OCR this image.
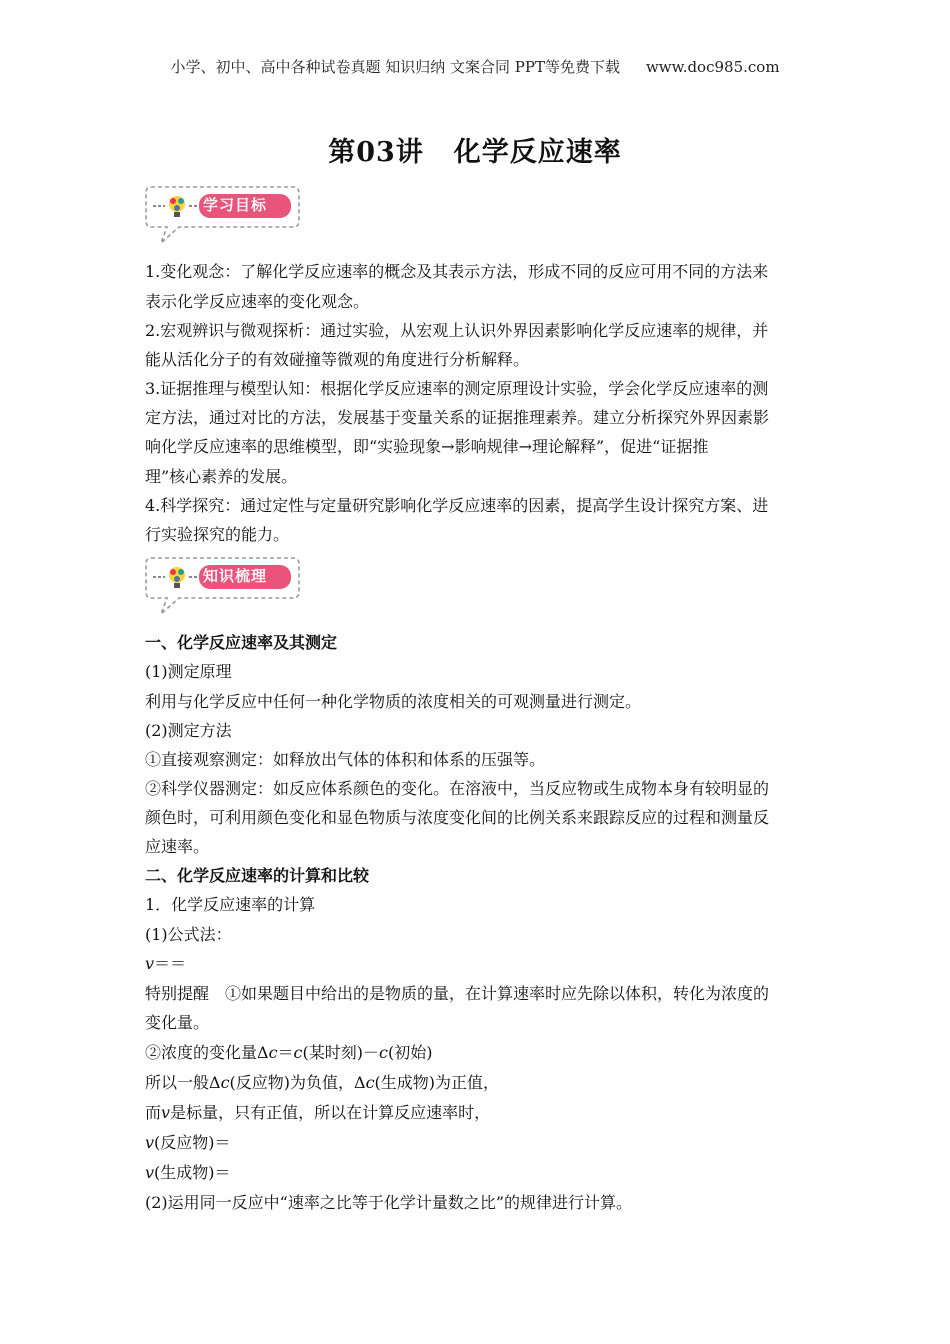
小学、初中、高中各种试卷真题 知识归纳 文案合同 PPT等免费下载 www.doc985.com
第03讲 化学反应速率
学习目标
1.变化观念：了解化学反应速率的概念及其表示方法，形成不同的反应可用不同的方法来
表示化学反应速率的变化观念。
2.宏观辨识与微观探析：通过实验，从宏观上认识外界因素影响化学反应速率的规律，并
能从活化分子的有效碰撞等微观的角度进行分析解释。
3.证据推理与模型认知：根据化学反应速率的测定原理设计实验，学会化学反应速率的测
定方法，通过对比的方法，发展基于变量关系的证据推理素养。建立分析探究外界因素影
响化学反应速率的思维模型，即“实验现象→影响规律→理论解释”，促进“证据推
理”核心素养的发展。
4.科学探究：通过定性与定量研究影响化学反应速率的因素，提高学生设计探究方案、进
行实验探究的能力。
知识梳理
一、化学反应速率及其测定
(1)测定原理
利用与化学反应中任何一种化学物质的浓度相关的可观测量进行测定。
(2)测定方法
①直接观察测定：如释放出气体的体积和体系的压强等。
②科学仪器测定：如反应体系颜色的变化。在溶液中，当反应物或生成物本身有较明显的
颜色时，可利用颜色变化和显色物质与浓度变化间的比例关系来跟踪反应的过程和测量反
应速率。
二、化学反应速率的计算和比较
1．化学反应速率的计算
(1)公式法：
v＝＝
特别提醒　①如果题目中给出的是物质的量，在计算速率时应先除以体积，转化为浓度的
变化量。
②浓度的变化量Δc＝c(某时刻)－c(初始)
所以一般Δc(反应物)为负值，Δc(生成物)为正值，
而v是标量，只有正值，所以在计算反应速率时，
v(反应物)＝
v(生成物)＝
(2)运用同一反应中“速率之比等于化学计量数之比”的规律进行计算。
